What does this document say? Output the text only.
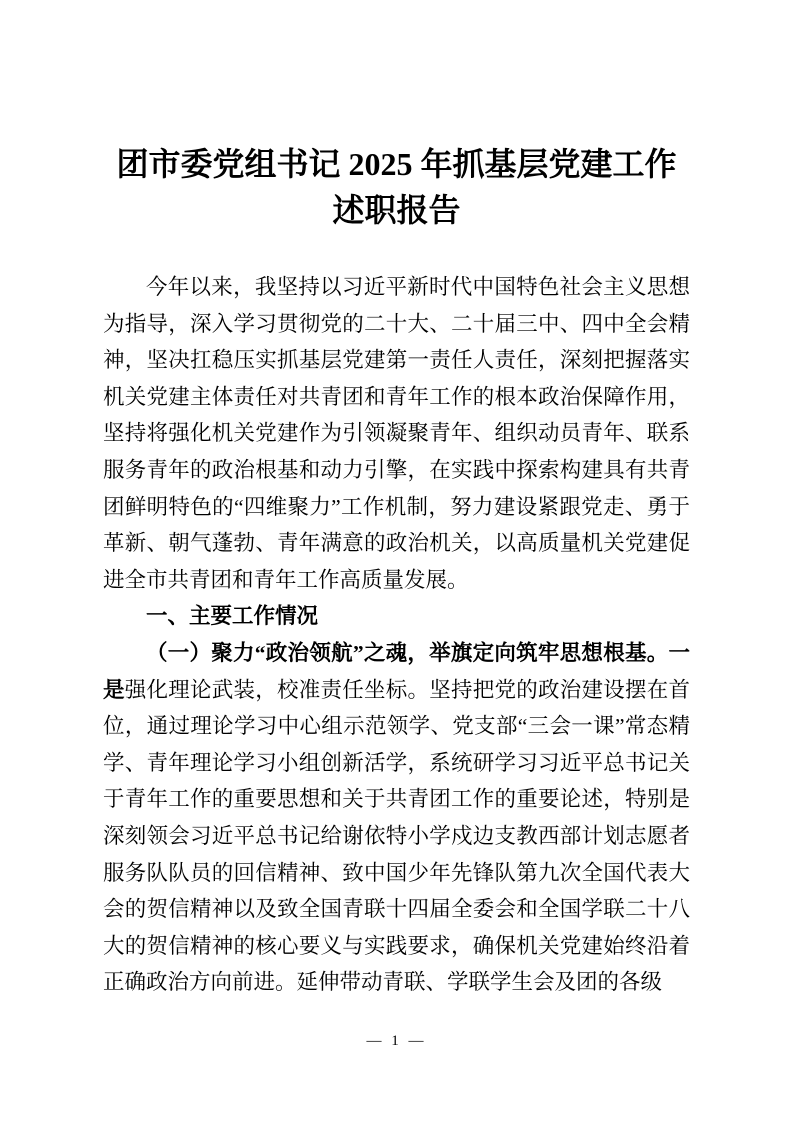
团市委党组书记 2025 年抓基层党建工作
述职报告

今年以来，我坚持以习近平新时代中国特色社会主义思想为指导，深入学习贯彻党的二十大、二十届三中、四中全会精神，坚决扛稳压实抓基层党建第一责任人责任，深刻把握落实机关党建主体责任对共青团和青年工作的根本政治保障作用，坚持将强化机关党建作为引领凝聚青年、组织动员青年、联系服务青年的政治根基和动力引擎，在实践中探索构建具有共青团鲜明特色的“四维聚力”工作机制，努力建设紧跟党走、勇于革新、朝气蓬勃、青年满意的政治机关，以高质量机关党建促进全市共青团和青年工作高质量发展。

一、主要工作情况

（一）聚力“政治领航”之魂，举旗定向筑牢思想根基。一是强化理论武装，校准责任坐标。坚持把党的政治建设摆在首位，通过理论学习中心组示范领学、党支部“三会一课”常态精学、青年理论学习小组创新活学，系统研学习习近平总书记关于青年工作的重要思想和关于共青团工作的重要论述，特别是深刻领会习近平总书记给谢依特小学戍边支教西部计划志愿者服务队队员的回信精神、致中国少年先锋队第九次全国代表大会的贺信精神以及致全国青联十四届全委会和全国学联二十八大的贺信精神的核心要义与实践要求，确保机关党建始终沿着正确政治方向前进。延伸带动青联、学联学生会及团的各级

— 1 —
